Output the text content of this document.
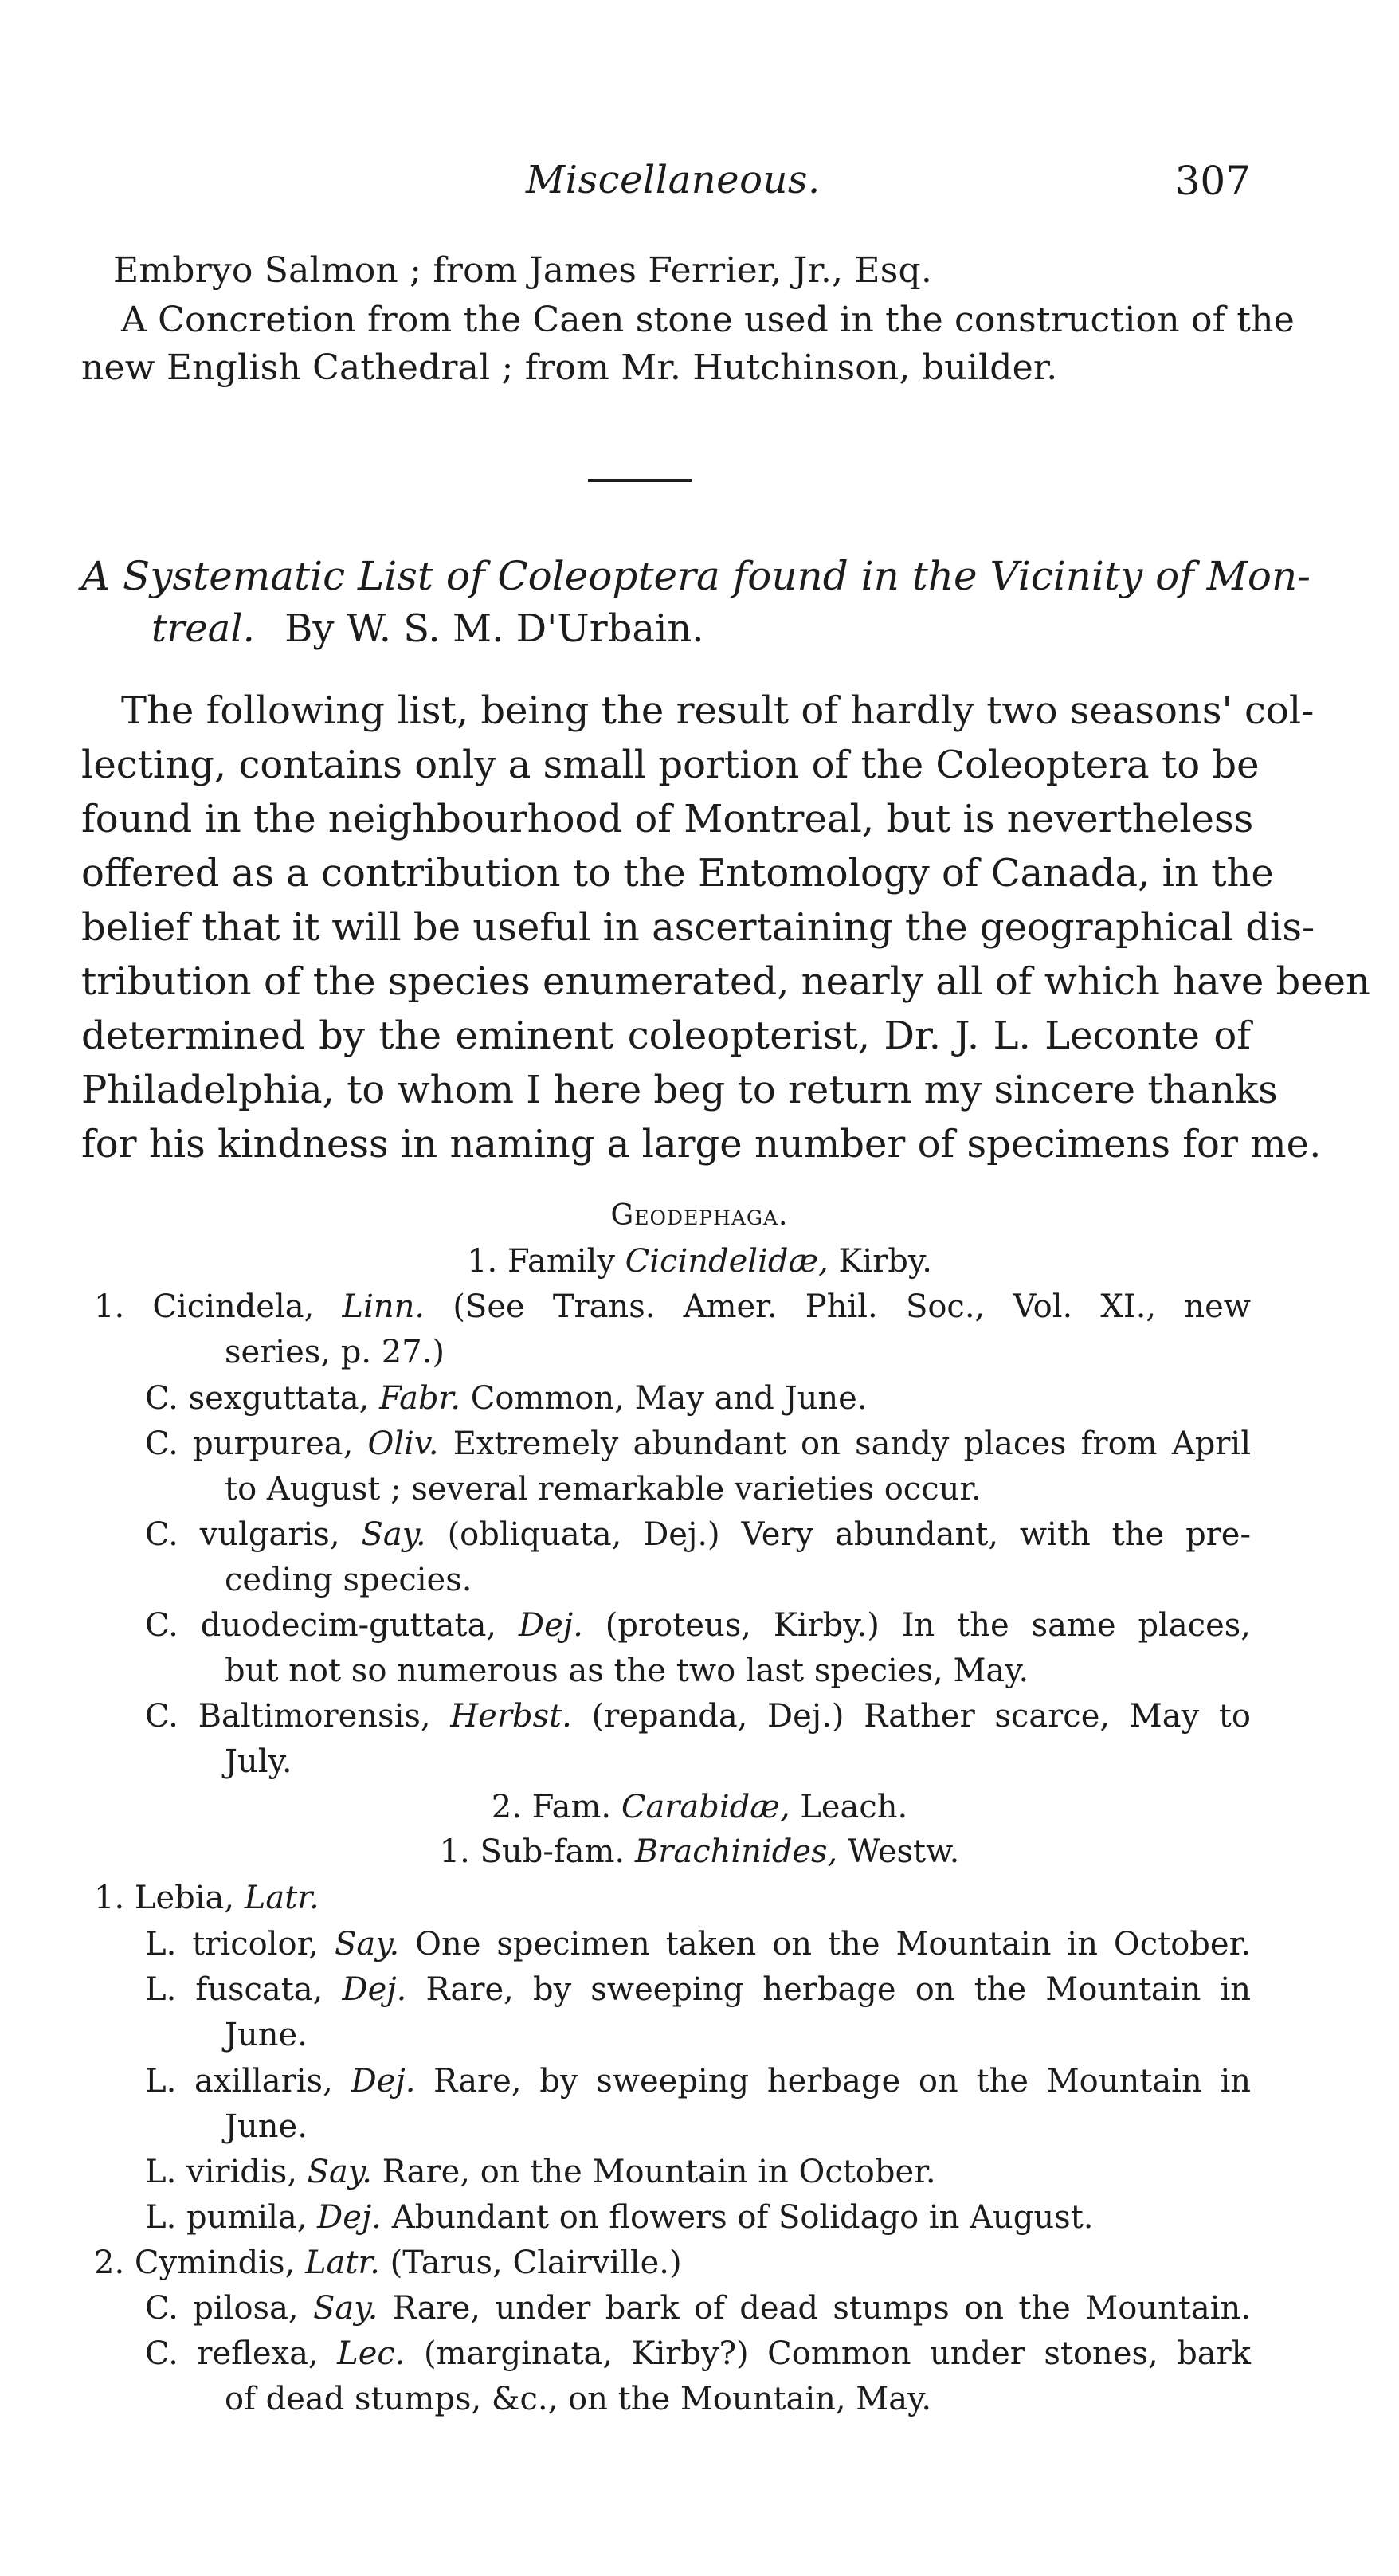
Miscellaneous.	307
Embryo Salmon ; from James Ferrier, Jr., Esq.
A Concretion from the Caen stone used in the construction of the
new English Cathedral ; from Mr. Hutchinson, builder.
A Systematic List of Coleoptera found in the Vicinity of Mon-
treal. By W. S. M. D'Urbain.
The following list, being the result of hardly two seasons' col-
lecting, contains only a small portion of the Coleoptera to be
found in the neighbourhood of Montreal, but is nevertheless
offered as a contribution to the Entomology of Canada, in the
belief that it will be useful in ascertaining the geographical dis-
tribution of the species enumerated, nearly all of which have been
determined by the eminent coleopterist, Dr. J. L. Leconte of
Philadelphia, to whom I here beg to return my sincere thanks
for his kindness in naming a large number of specimens for me.
Geodephaga.
1. Family Cicindelidæ, Kirby.
1. Cicindela, Linn. (See Trans. Amer. Phil. Soc., Vol. XI., new
series, p. 27.)
C. sexguttata, Fabr. Common, May and June.
C. purpurea, Oliv. Extremely abundant on sandy places from April
to August ; several remarkable varieties occur.
C. vulgaris, Say. (obliquata, Dej.) Very abundant, with the pre-
ceding species.
C. duodecim-guttata, Dej. (proteus, Kirby.) In the same places,
but not so numerous as the two last species, May.
C. Baltimorensis, Herbst. (repanda, Dej.) Rather scarce, May to
July.
2. Fam. Carabidæ, Leach.
1. Sub-fam. Brachinides, Westw.
1. Lebia, Latr.
L. tricolor, Say. One specimen taken on the Mountain in October.
L. fuscata, Dej. Rare, by sweeping herbage on the Mountain in
June.
L. axillaris, Dej. Rare, by sweeping herbage on the Mountain in
June.
L. viridis, Say. Rare, on the Mountain in October.
L. pumila, Dej. Abundant on flowers of Solidago in August.
2. Cymindis, Latr. (Tarus, Clairville.)
C. pilosa, Say. Rare, under bark of dead stumps on the Mountain.
C. reflexa, Lec. (marginata, Kirby?) Common under stones, bark
of dead stumps, &c., on the Mountain, May.
